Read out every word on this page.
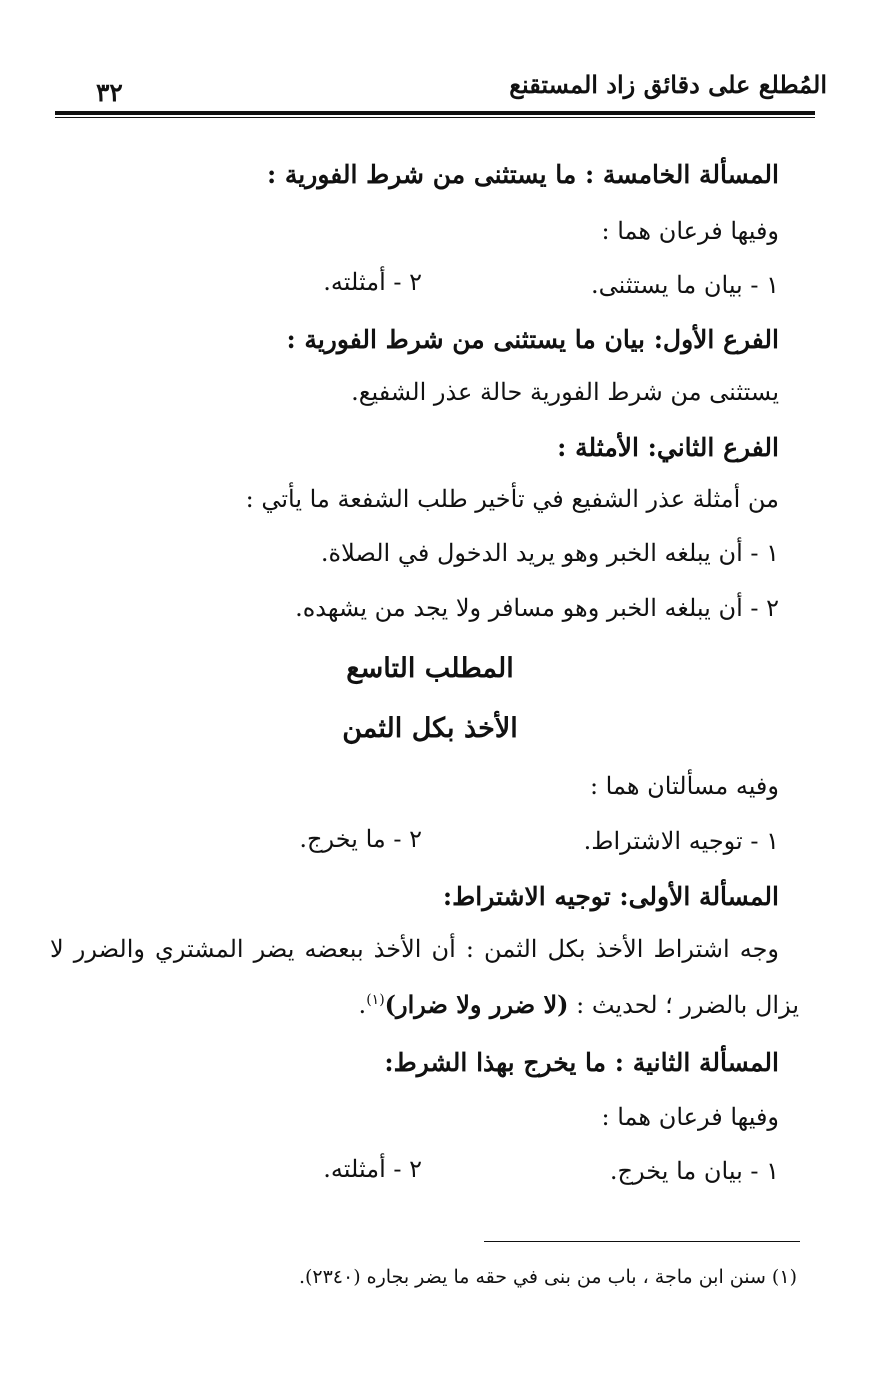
المُطلع على دقائق زاد المستقنع
٣٢
المسألة الخامسة : ما يستثنى من شرط الفورية :
وفيها فرعان هما :
١ - بيان ما يستثنى.
٢ - أمثلته.
الفرع الأول: بيان ما يستثنى من شرط الفورية :
يستثنى من شرط الفورية حالة عذر الشفيع.
الفرع الثاني: الأمثلة :
من أمثلة عذر الشفيع في تأخير طلب الشفعة ما يأتي :
١ - أن يبلغه الخبر وهو يريد الدخول في الصلاة.
٢ - أن يبلغه الخبر وهو مسافر ولا يجد من يشهده.
المطلب التاسع
الأخذ بكل الثمن
وفيه مسألتان هما :
١ - توجيه الاشتراط.
٢ - ما يخرج.
المسألة الأولى: توجيه الاشتراط:
وجه اشتراط الأخذ بكل الثمن : أن الأخذ ببعضه يضر المشتري والضرر لا
يزال بالضرر ؛ لحديث : (لا ضرر ولا ضرار)$^{(١)}$.
المسألة الثانية : ما يخرج بهذا الشرط:
وفيها فرعان هما :
١ - بيان ما يخرج.
٢ - أمثلته.
(١) سنن ابن ماجة ، باب من بنى في حقه ما يضر بجاره (٢٣٤٠).
